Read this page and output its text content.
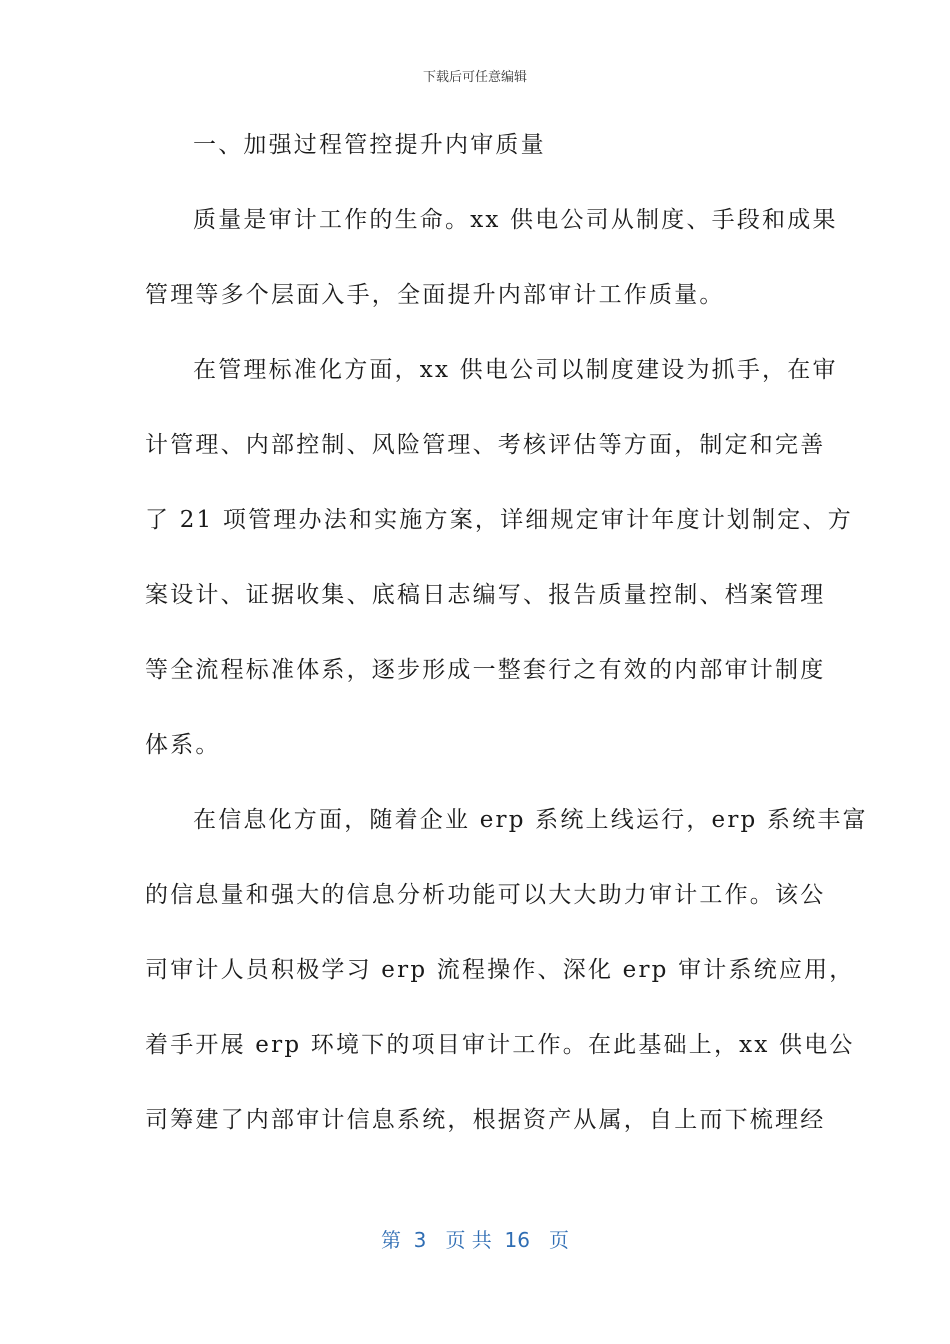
下载后可任意编辑
一、加强过程管控提升内审质量
质量是审计工作的生命。xx 供电公司从制度、手段和成果
管理等多个层面入手，全面提升内部审计工作质量。
在管理标准化方面，xx 供电公司以制度建设为抓手，在审
计管理、内部控制、风险管理、考核评估等方面，制定和完善
了 21 项管理办法和实施方案，详细规定审计年度计划制定、方
案设计、证据收集、底稿日志编写、报告质量控制、档案管理
等全流程标准体系，逐步形成一整套行之有效的内部审计制度
体系。
在信息化方面，随着企业 erp 系统上线运行，erp 系统丰富
的信息量和强大的信息分析功能可以大大助力审计工作。该公
司审计人员积极学习 erp 流程操作、深化 erp 审计系统应用，
着手开展 erp 环境下的项目审计工作。在此基础上，xx 供电公
司筹建了内部审计信息系统，根据资产从属，自上而下梳理经
第  3   页 共  16   页
